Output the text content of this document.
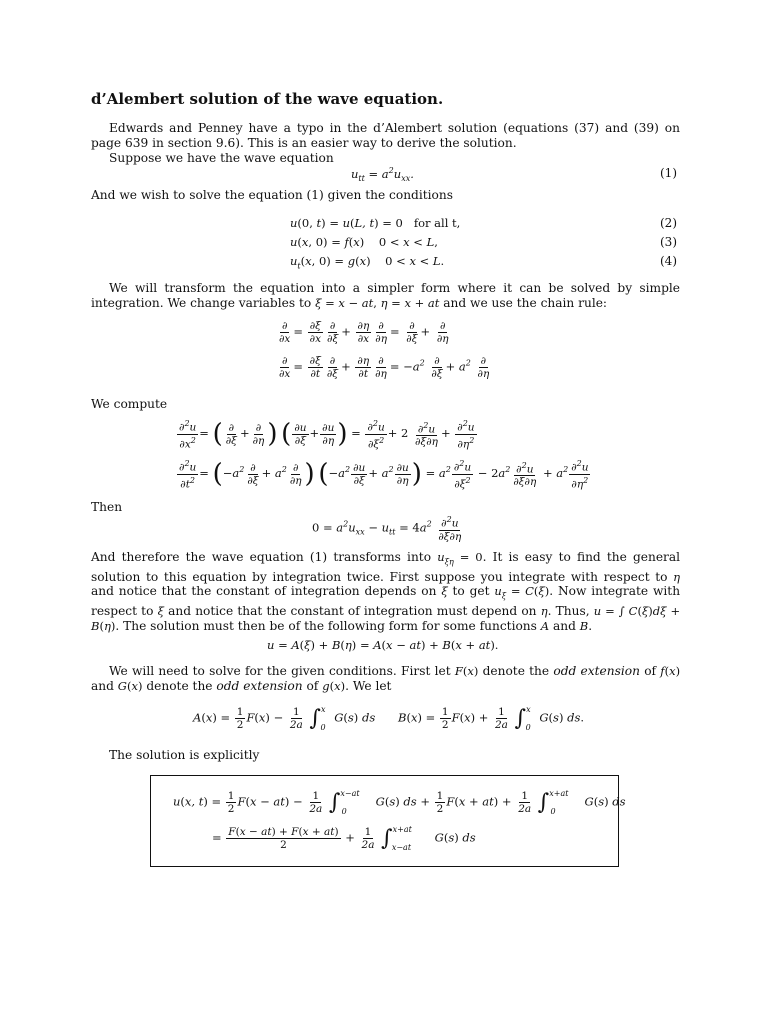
d’Alembert solution of the wave equation.
Edwards and Penney have a typo in the d’Alembert solution (equations (37) and (39) on page 639 in section 9.6). This is an easier way to derive the solution.
Suppose we have the wave equation
$u_{tt} = a^2u_{xx}$.	(1)
And we wish to solve the equation (1) given the conditions
u(0, t) = u(L, t) = 0   for all t,	(2)
u(x, 0) = f(x)    0 < x < L,	(3)
$u_t(x$, 0) = g(x)    0 < x < L.	(4)
We will transform the equation into a simpler form where it can be solved by simple integration. We change variables to ξ = x − at, η = x + at and we use the chain rule:
$\frac{\partial}{\partial x} = \frac{\partial\xi}{\partial x} \frac{\partial}{\partial\xi} + \frac{\partial\eta}{\partial x} \frac{\partial}{\partial\eta} = \frac{\partial}{\partial\xi} + \frac{\partial}{\partial\eta}$
$\frac{\partial}{\partial x} = \frac{\partial\xi}{\partial t} \frac{\partial}{\partial\xi} + \frac{\partial\eta}{\partial t} \frac{\partial}{\partial\eta} = -a^2 \frac{\partial}{\partial\xi} + a^2 \frac{\partial}{\partial\eta}$
We compute
$\frac{\partial^2u}{\partial x^2}$ = ( $\frac{\partial}{\partial\xi} + \frac{\partial}{\partial\eta}$ ) ( $\frac{\partial u}{\partial\xi} + \frac{\partial u}{\partial\eta}$ ) = $\frac{\partial^2u}{\partial\xi^2} + 2 \frac{\partial^2u}{\partial\xi\partial\eta} + \frac{\partial^2u}{\partial\eta^2}$
$\frac{\partial^2u}{\partial t^2} = (-a^2 \frac{\partial}{\partial\xi} + a^2 \frac{\partial}{\partial\eta}$ ) ($-a^2 \frac{\partial u}{\partial\xi} + a^2 \frac{\partial u}{\partial\eta}$ ) = $a^2 \frac{\partial^2u}{\partial\xi^2} - 2a^2 \frac{\partial^2u}{\partial\xi\partial\eta} + a^2 \frac{\partial^2u}{\partial\eta^2}$
Then
$0 = a^2u_{xx} - u_{tt} = 4a^2 \frac{\partial^2u}{\partial\xi\partial\eta}$
And therefore the wave equation (1) transforms into $u_{\xi\eta} = 0$. It is easy to find the general solution to this equation by integration twice. First suppose you integrate with respect to η and notice that the constant of integration depends on ξ to get $u_\xi = C(\xi)$. Now integrate with respect to ξ and notice that the constant of integration must depend on η. Thus, u = ∫ C(ξ)dξ + B(η). The solution must then be of the following form for some functions A and B.
u = A(ξ) + B(η) = A(x − at) + B(x + at).
We will need to solve for the given conditions. First let F(x) denote the odd extension of f(x) and G(x) denote the odd extension of g(x). We let
$A(x) = \frac{1}{2} F(x) - \frac{1}{2a} \int^x_0$ G(s) ds $B(x) = \frac{1}{2} F(x) + \frac{1}{2a} \int^x_0$ G(s) ds.
The solution is explicitly
u(x, $t) = \frac{1}{2} F(x - at) - \frac{1}{2a} \int^{x-at}_0$   G(s) ds + $\frac{1}{2} F(x + at) + \frac{1}{2a} \int^{x+at}_0$   G(s) ds
= $\frac{F(x - at) + F(x + at)}{2} + \frac{1}{2a} \int^{x+at}_{x-at}$ G(s) ds
